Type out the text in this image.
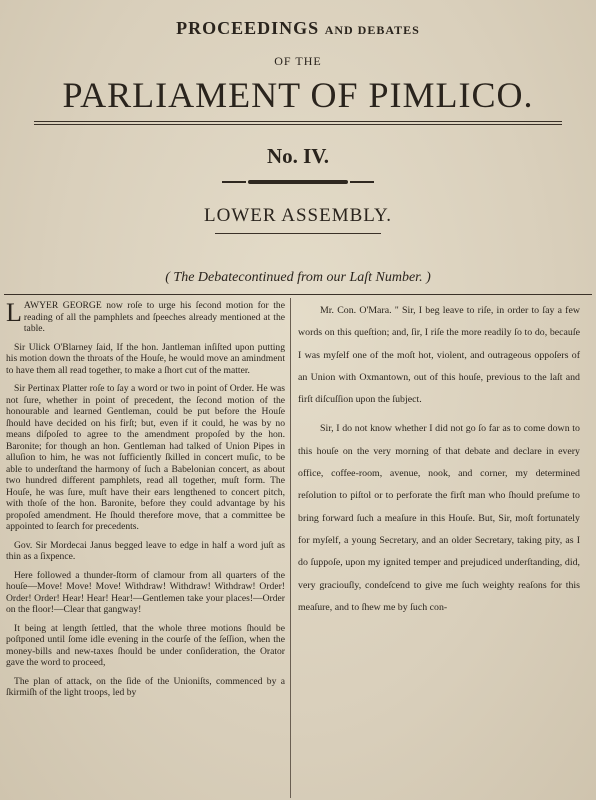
PROCEEDINGS AND DEBATES
OF THE
PARLIAMENT OF PIMLICO.
No. IV.
LOWER ASSEMBLY.
( The Debatecontinued from our Laſt Number. )

LAWYER GEORGE now roſe to urge his ſecond motion for the reading of all the pamphlets and ſpeeches already mentioned at the table.

Sir Ulick O'Blarney ſaid, If the hon. Jantleman inſiſted upon putting his motion down the throats of the Houſe, he would move an amindment to have them all read together, to make a ſhort cut of the matter.

Sir Pertinax Platter roſe to ſay a word or two in point of Order. He was not ſure, whether in point of precedent, the ſecond motion of the honourable and learned Gentleman, could be put before the Houſe ſhould have decided on his firſt; but, even if it could, he was by no means diſpoſed to agree to the amendment propoſed by the hon. Baronite; for though an hon. Gentleman had talked of Union Pipes in alluſion to him, he was not ſufficiently ſkilled in concert muſic, to be able to underſtand the harmony of ſuch a Babelonian concert, as about two hundred different pamphlets, read all together, muſt form. The Houſe, he was ſure, muſt have their ears lengthened to concert pitch, with thoſe of the hon. Baronite, before they could advantage by his propoſed amendment. He ſhould therefore move, that a committee be appointed to ſearch for precedents.

Gov. Sir Mordecai Janus begged leave to edge in half a word juſt as thin as a ſixpence.

Here followed a thunder-ſtorm of clamour from all quarters of the houſe—Move! Move! Move! Withdraw! Withdraw! Withdraw! Order! Order! Order! Hear! Hear! Hear!—Gentlemen take your places!—Order on the floor!—Clear that gangway!

It being at length ſettled, that the whole three motions ſhould be poſtponed until ſome idle evening in the courſe of the ſeſſion, when the money-bills and new-taxes ſhould be under conſideration, the Orator gave the word to proceed,

The plan of attack, on the ſide of the Unioniſts, commenced by a ſkirmiſh of the light troops, led by

Mr. Con. O'Mara. " Sir, I beg leave to riſe, in order to ſay a few words on this queſtion; and, ſir, I riſe the more readily ſo to do, becauſe I was myſelf one of the moſt hot, violent, and outrageous oppoſers of an Union with Oxmantown, out of this houſe, previous to the laſt and firſt diſcuſſion upon the ſubject.

Sir, I do not know whether I did not go ſo far as to come down to this houſe on the very morning of that debate and declare in every office, coffee-room, avenue, nook, and corner, my determined reſolution to piſtol or to perforate the firſt man who ſhould preſume to bring forward ſuch a meaſure in this Houſe. But, Sir, moſt fortunately for myſelf, a young Secretary, and an older Secretary, taking pity, as I do ſuppoſe, upon my ignited temper and prejudiced underſtanding, did, very graciouſly, condeſcend to give me ſuch weighty reaſons for this meaſure, and to ſhew me by ſuch con-
